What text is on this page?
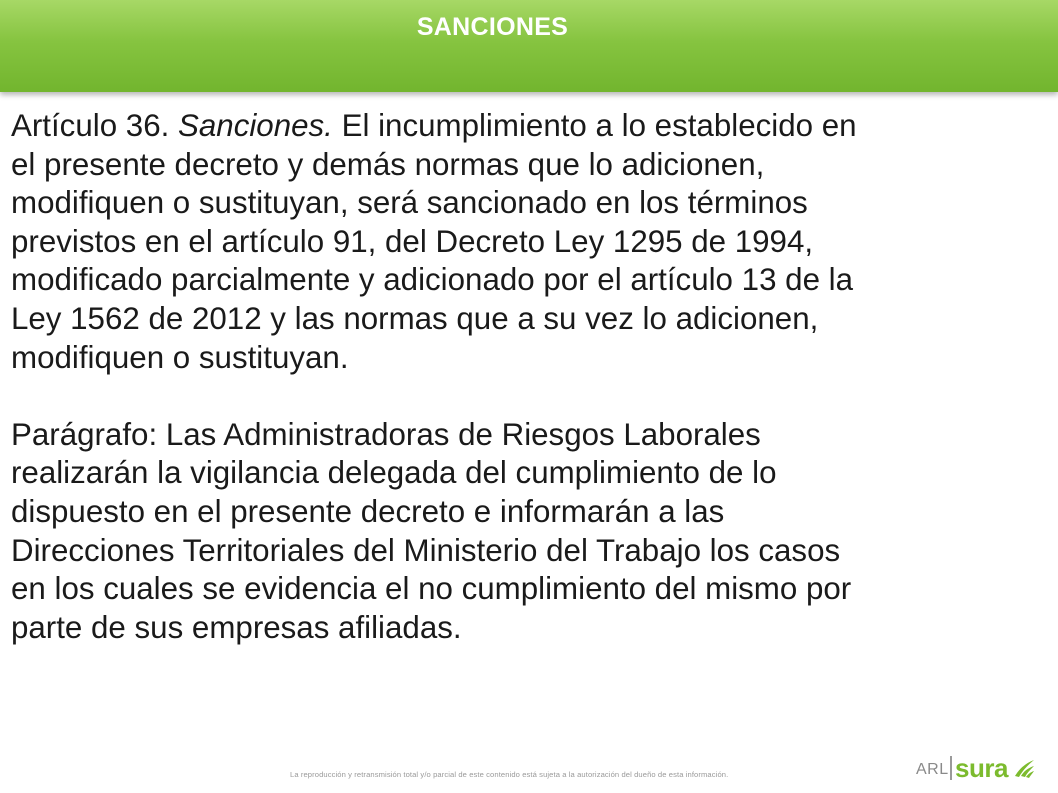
SANCIONES

Artículo 36. Sanciones. El incumplimiento a lo establecido en

el presente decreto y demás normas que lo adicionen,

modifiquen o sustituyan, será sancionado en los términos

previstos en el artículo 91, del Decreto Ley 1295 de 1994,

modificado parcialmente y adicionado por el artículo 13 de la

Ley 1562 de 2012 y las normas que a su vez lo adicionen,

modifiquen o sustituyan.

Parágrafo: Las Administradoras de Riesgos Laborales

realizarán la vigilancia delegada del cumplimiento de lo

dispuesto en el presente decreto e informarán a las

Direcciones Territoriales del Ministerio del Trabajo los casos

en los cuales se evidencia el no cumplimiento del mismo por

parte de sus empresas afiliadas.

La reproducción y retransmisión total y/o parcial de este contenido está sujeta a la autorización del dueño de esta información.	ARL sura
